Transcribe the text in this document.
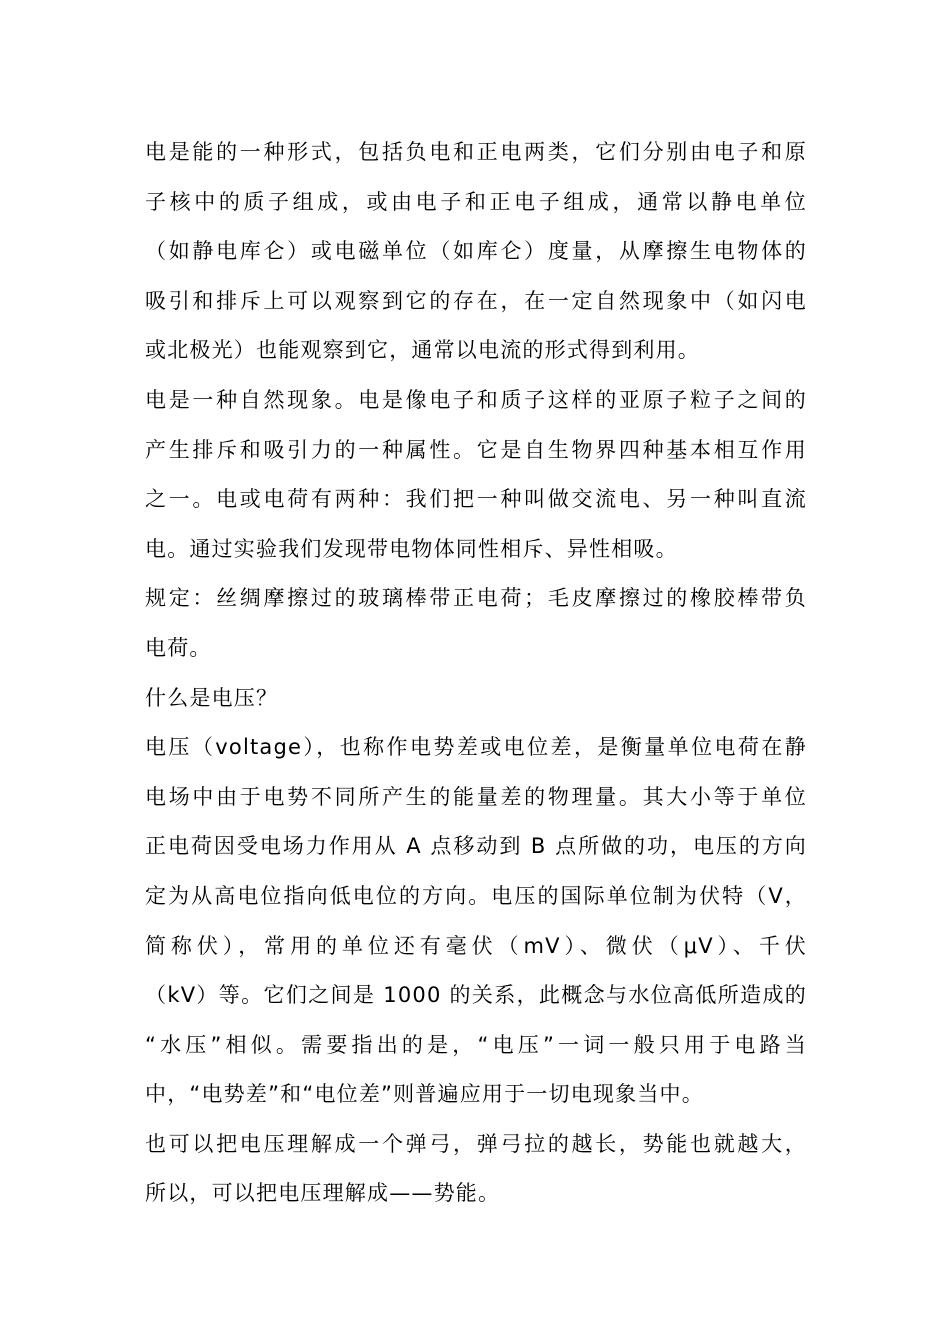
电是能的一种形式，包括负电和正电两类，它们分别由电子和原
子核中的质子组成，或由电子和正电子组成，通常以静电单位
（如静电库仑）或电磁单位（如库仑）度量，从摩擦生电物体的
吸引和排斥上可以观察到它的存在，在一定自然现象中（如闪电
或北极光）也能观察到它，通常以电流的形式得到利用。
电是一种自然现象。电是像电子和质子这样的亚原子粒子之间的
产生排斥和吸引力的一种属性。它是自生物界四种基本相互作用
之一。电或电荷有两种：我们把一种叫做交流电、另一种叫直流
电。通过实验我们发现带电物体同性相斥、异性相吸。
规定：丝绸摩擦过的玻璃棒带正电荷；毛皮摩擦过的橡胶棒带负
电荷。
什么是电压？
电压（voltage），也称作电势差或电位差，是衡量单位电荷在静
电场中由于电势不同所产生的能量差的物理量。其大小等于单位
正电荷因受电场力作用从 A 点移动到 B 点所做的功，电压的方向
定为从高电位指向低电位的方向。电压的国际单位制为伏特（V，
简称伏），常用的单位还有毫伏（mV）、微伏（μV）、千伏
（kV）等。它们之间是 1000 的关系，此概念与水位高低所造成的
“水压”相似。需要指出的是，“电压”一词一般只用于电路当
中，“电势差”和“电位差”则普遍应用于一切电现象当中。
也可以把电压理解成一个弹弓，弹弓拉的越长，势能也就越大，
所以，可以把电压理解成——势能。
